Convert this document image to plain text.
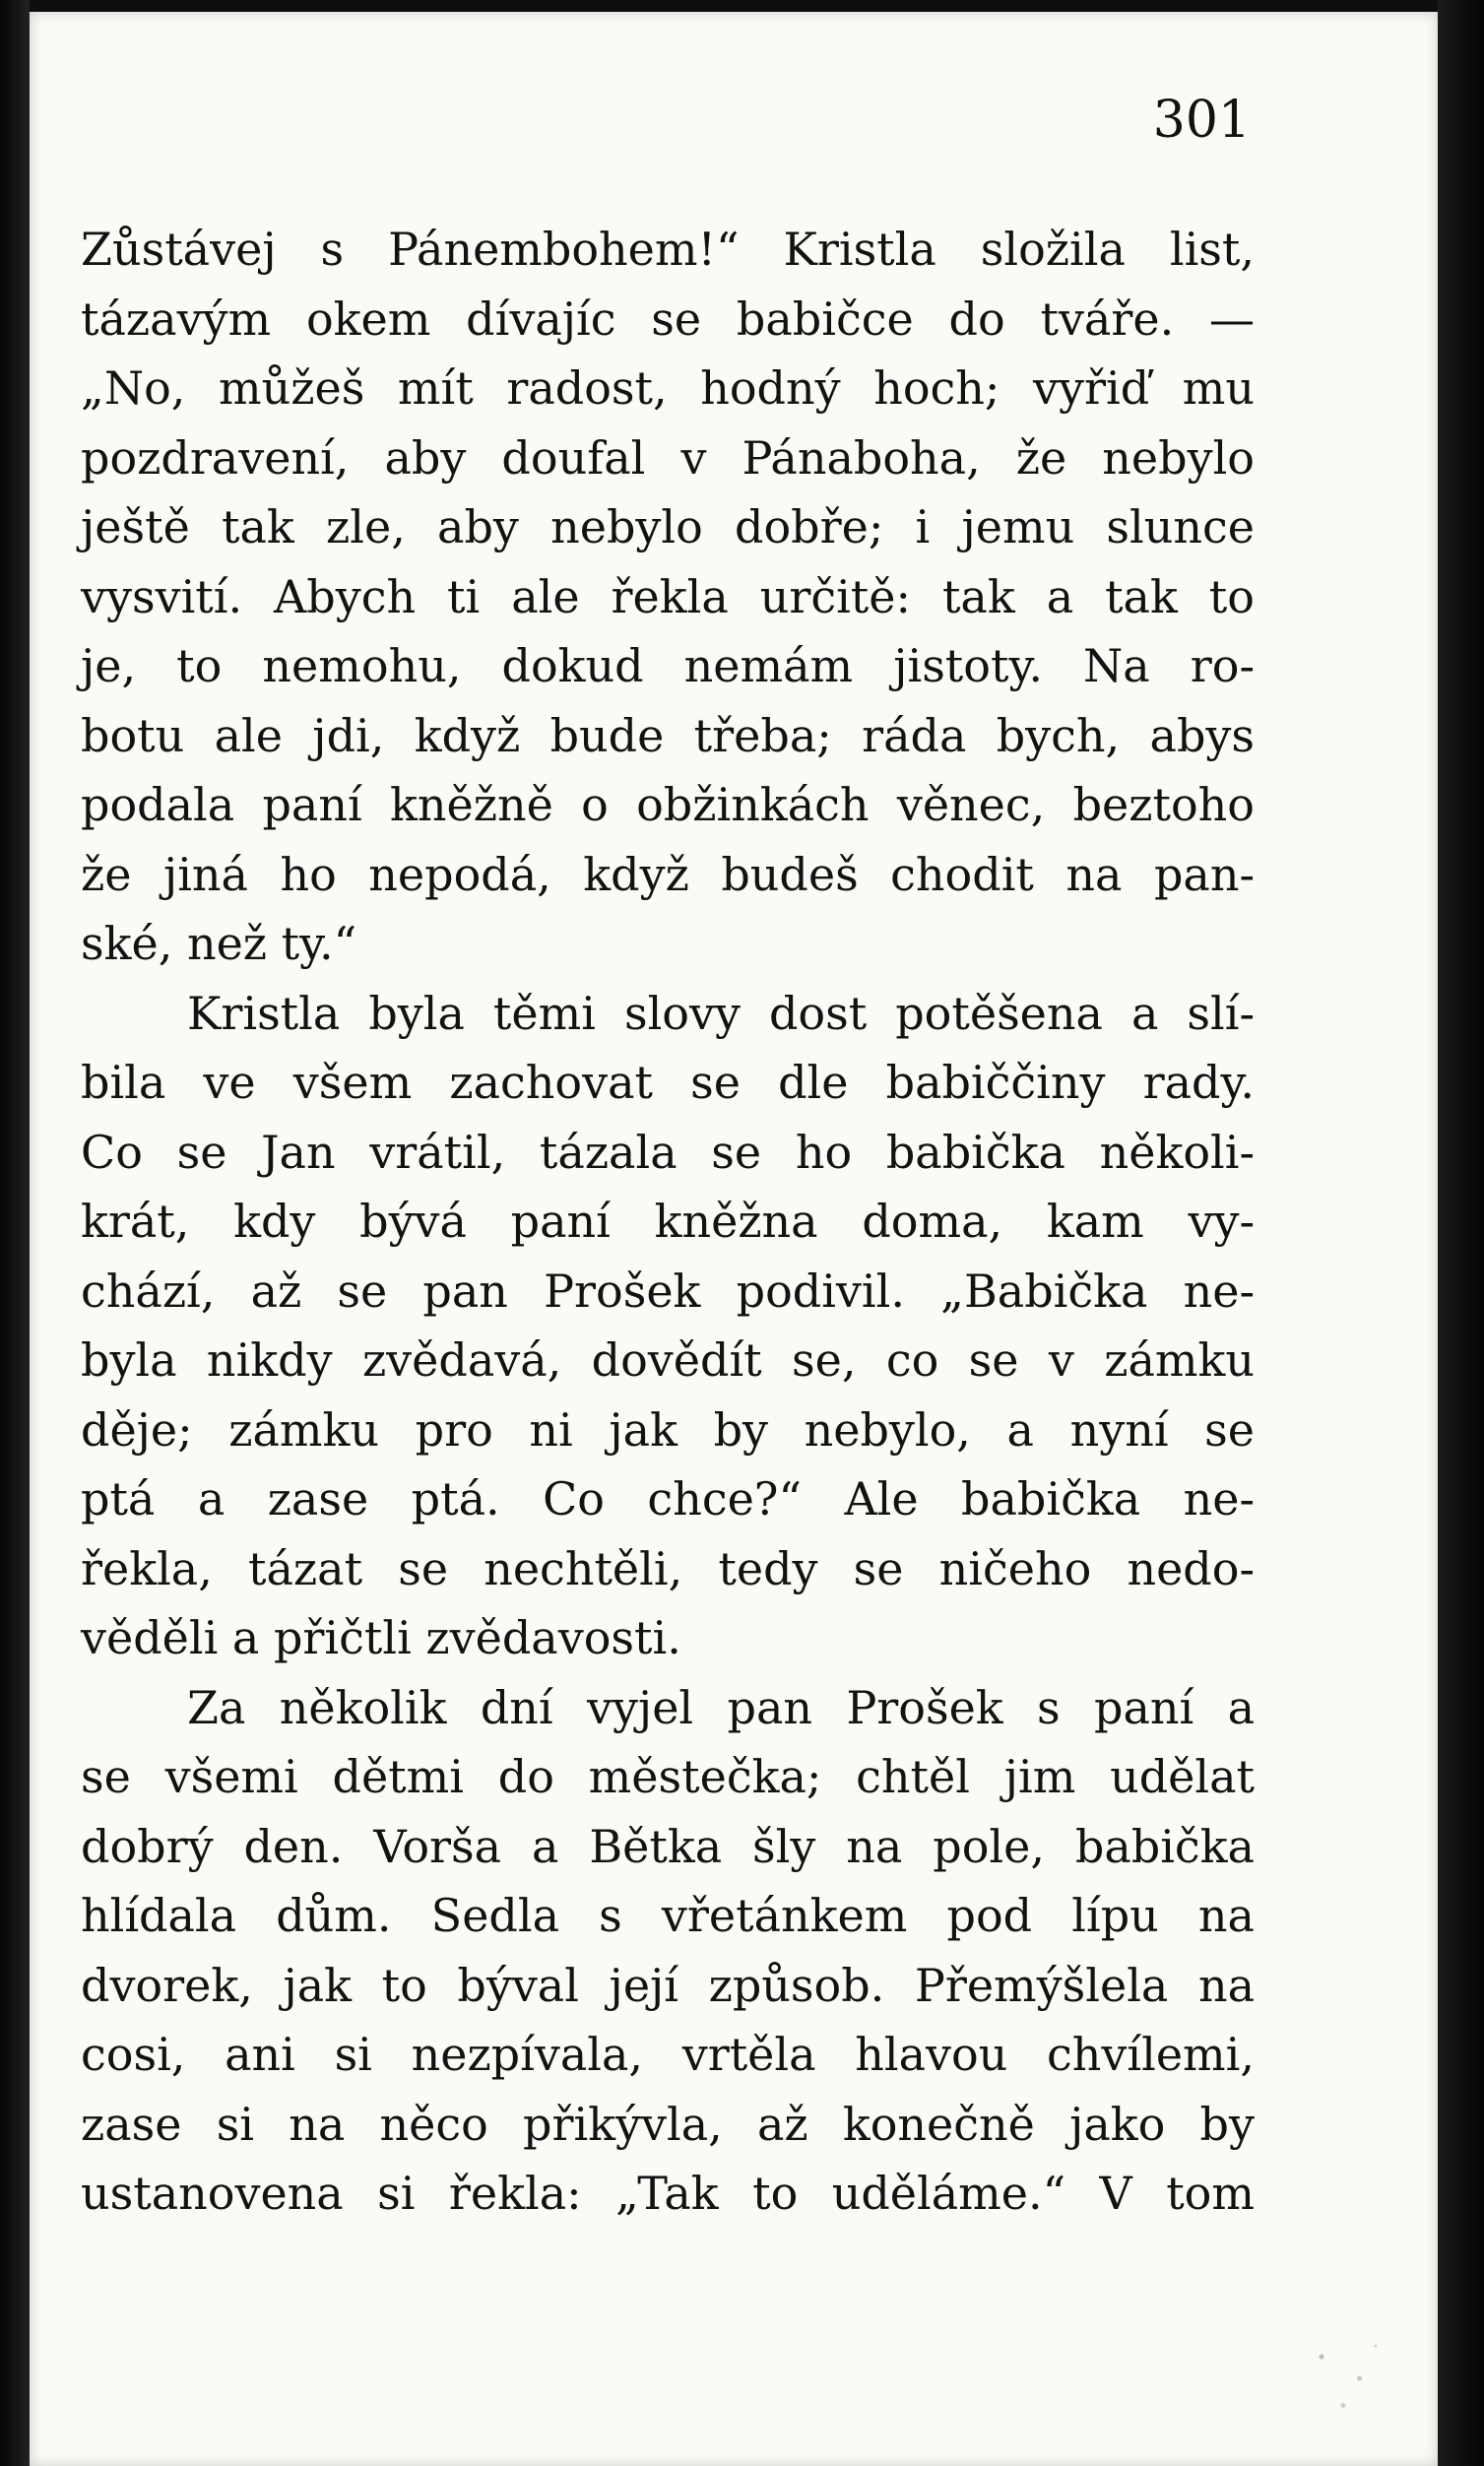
301
Zůstávej s Pánembohem!“ Kristla složila list,
tázavým okem dívajíc se babičce do tváře. —
„No, můžeš mít radost, hodný hoch; vyřiď mu
pozdravení, aby doufal v Pánaboha, že nebylo
ještě tak zle, aby nebylo dobře; i jemu slunce
vysvití. Abych ti ale řekla určitě: tak a tak to
je, to nemohu, dokud nemám jistoty. Na ro-
botu ale jdi, když bude třeba; ráda bych, abys
podala paní kněžně o obžinkách věnec, beztoho
že jiná ho nepodá, když budeš chodit na pan-
ské, než ty.“
Kristla byla těmi slovy dost potěšena a slí-
bila ve všem zachovat se dle babiččiny rady.
Co se Jan vrátil, tázala se ho babička několi-
krát, kdy bývá paní kněžna doma, kam vy-
chází, až se pan Prošek podivil. „Babička ne-
byla nikdy zvědavá, dovědít se, co se v zámku
děje; zámku pro ni jak by nebylo, a nyní se
ptá a zase ptá. Co chce?“ Ale babička ne-
řekla, tázat se nechtěli, tedy se ničeho nedo-
věděli a přičtli zvědavosti.
Za několik dní vyjel pan Prošek s paní a
se všemi dětmi do městečka; chtěl jim udělat
dobrý den. Vorša a Bětka šly na pole, babička
hlídala dům. Sedla s vřetánkem pod lípu na
dvorek, jak to býval její způsob. Přemýšlela na
cosi, ani si nezpívala, vrtěla hlavou chvílemi,
zase si na něco přikývla, až konečně jako by
ustanovena si řekla: „Tak to uděláme.“ V tom
